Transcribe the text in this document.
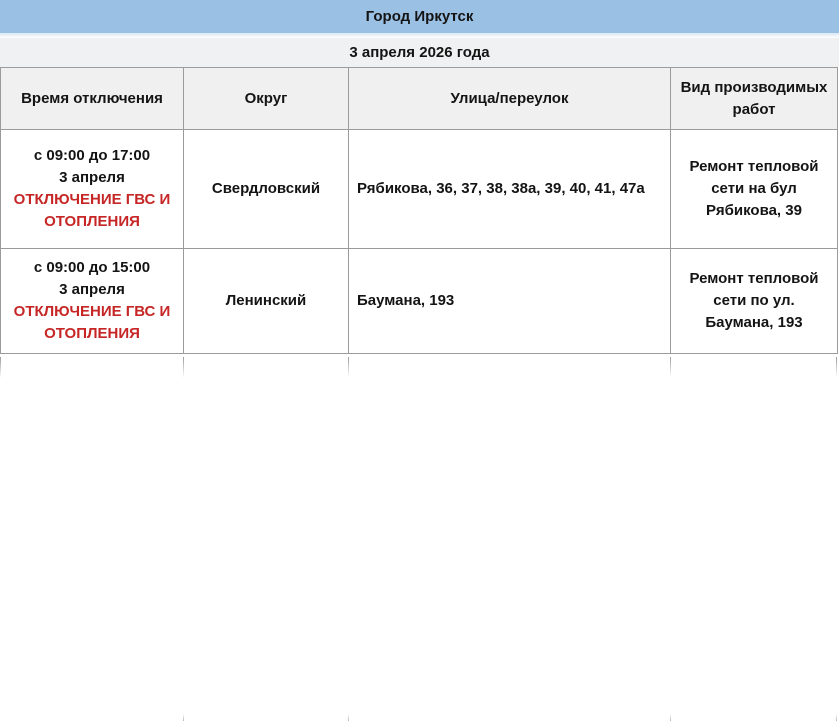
Город Иркутск
3 апреля 2026 года
Время отключения	Округ	Улица/переулок	Вид производимых работ

с 09:00 до 17:00
3 апреля
ОТКЛЮЧЕНИЕ ГВС И ОТОПЛЕНИЯ	Свердловский	Рябикова, 36, 37, 38, 38а, 39, 40, 41, 47а	Ремонт тепловой сети на бул Рябикова, 39

с 09:00 до 15:00
3 апреля
ОТКЛЮЧЕНИЕ ГВС И ОТОПЛЕНИЯ	Ленинский	Баумана, 193	Ремонт тепловой сети по ул. Баумана, 193
